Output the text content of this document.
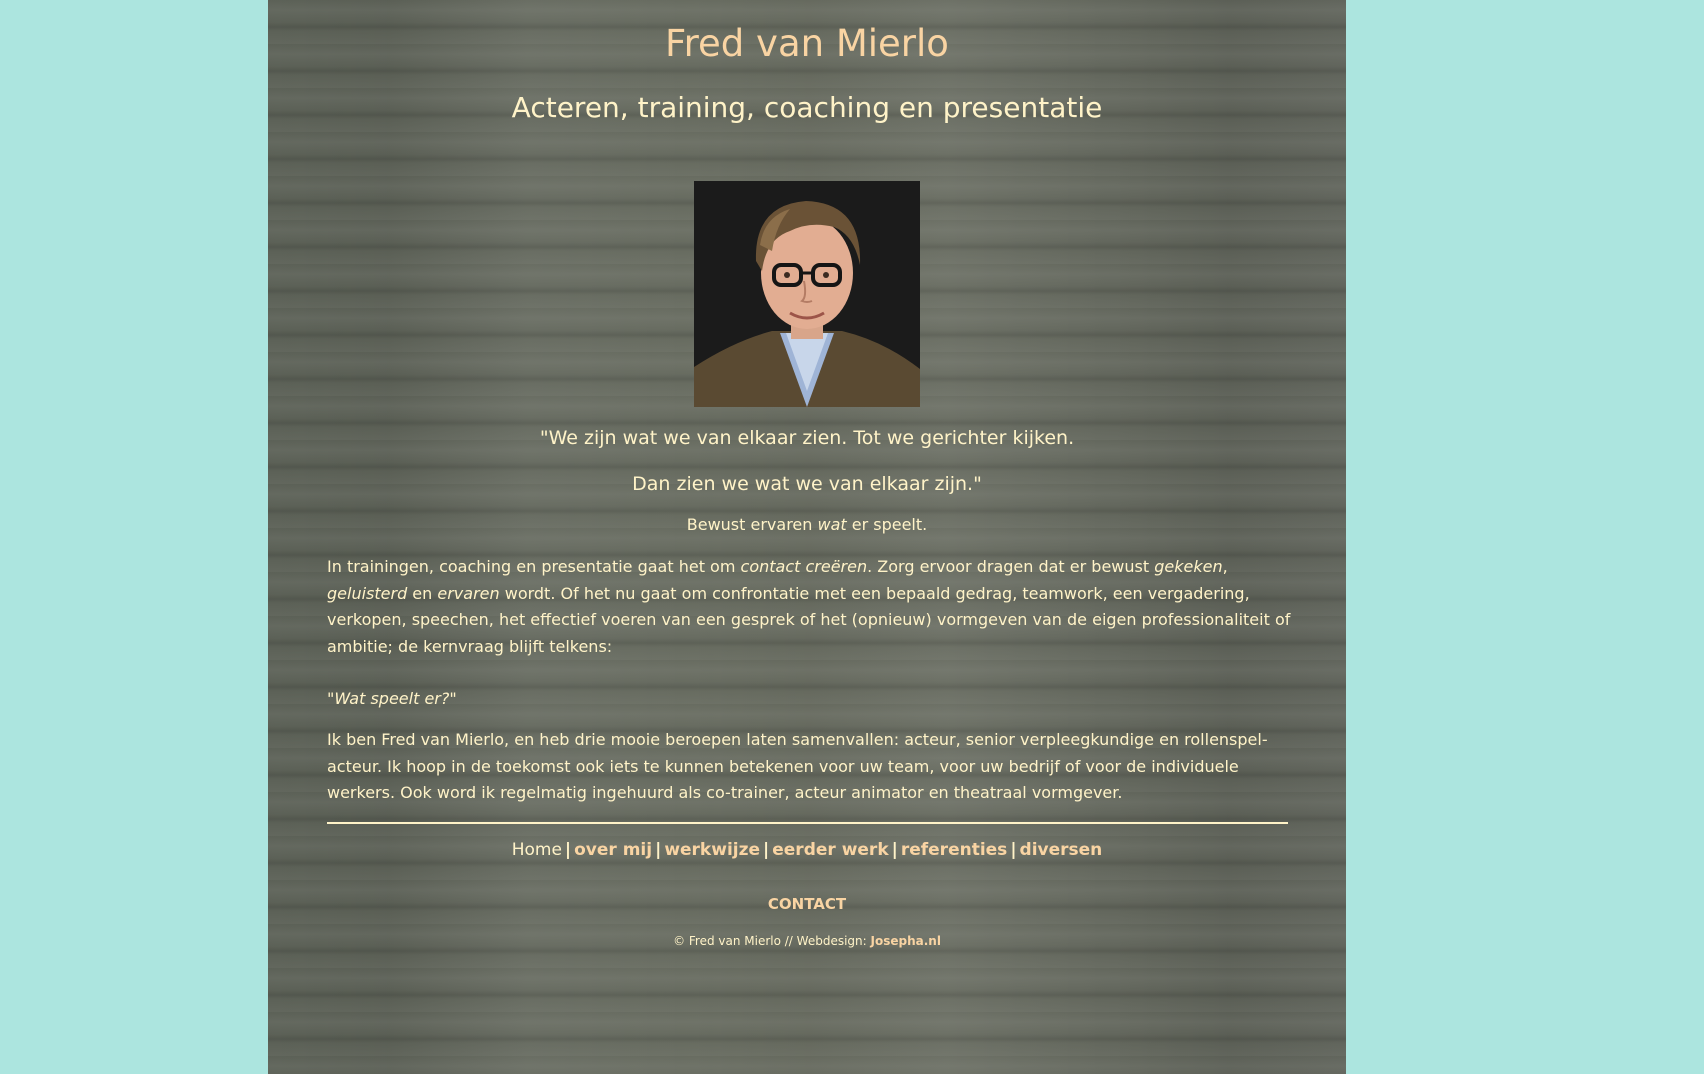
Fred van Mierlo
Acteren, training, coaching en presentatie

"We zijn wat we van elkaar zien. Tot we gerichter kijken.

Dan zien we wat we van elkaar zijn."

Bewust ervaren wat er speelt.

In trainingen, coaching en presentatie gaat het om contact creëren. Zorg ervoor dragen dat er bewust gekeken, geluisterd en ervaren wordt. Of het nu gaat om confrontatie met een bepaald gedrag, teamwork, een vergadering, verkopen, speechen, het effectief voeren van een gesprek of het (opnieuw) vormgeven van de eigen professionaliteit of ambitie; de kernvraag blijft telkens:

"Wat speelt er?"

Ik ben Fred van Mierlo, en heb drie mooie beroepen laten samenvallen: acteur, senior verpleegkundige en rollenspel-acteur. Ik hoop in de toekomst ook iets te kunnen betekenen voor uw team, voor uw bedrijf of voor de individuele werkers. Ook word ik regelmatig ingehuurd als co-trainer, acteur animator en theatraal vormgever.

Home | over mij | werkwijze | eerder werk | referenties | diversen

CONTACT

© Fred van Mierlo // Webdesign: Josepha.nl
